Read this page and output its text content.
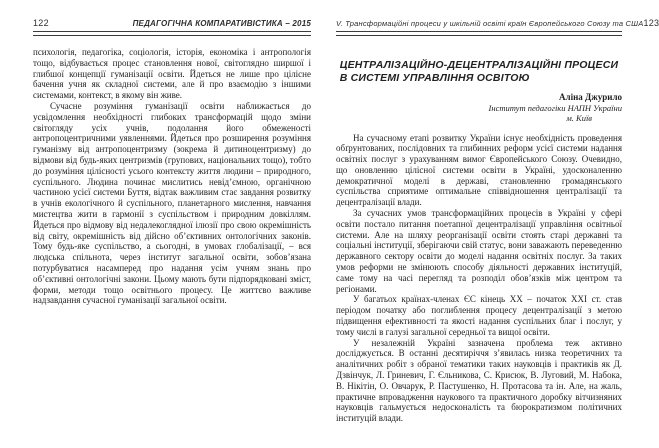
122	ПЕДАГОГІЧНА КОМПАРАТИВІСТИКА – 2015

психологія, педагогіка, соціологія, історія, економіка і антропологія тощо, відбувається процес становлення нової, світоглядно ширшої і глибшої концепції гуманізації освіти. Йдеться не лише про цілісне бачення учня як складної системи, але й про взаємодію з іншими системами, контекст, в якому він живе.

Сучасне розуміння гуманізації освіти наближається до усвідомлення необхідності глибоких трансформацій щодо зміни світогляду усіх учнів, подолання його обмеженості антропоцентричними уявленнями. Йдеться про розширення розуміння гуманізму від антропоцентризму (зокрема й дитиноцентризму) до відмови від будь-яких центризмів (групових, національних тощо), тобто до розуміння цілісності усього контексту життя людини – природного, суспільного. Людина починає мислитись невід’ємною, органічною частиною усієї системи Буття, відтак важливим стає завдання розвитку в учнів екологічного й суспільного, планетарного мислення, навчання мистецтва жити в гармонії з суспільством і природним довкіллям. Йдеться про відмову від недалекоглядної ілюзії про свою окремішність від світу, окремішність від дійсно об’єктивних онтологічних законів. Тому будь-яке суспільство, а сьогодні, в умовах глобалізації, – вся людська спільнота, через інститут загальної освіти, зобов’язана потурбуватися насамперед про надання усім учням знань про об’єктивні онтологічні закони. Цьому мають бути підпорядковані зміст, форми, методи тощо освітнього процесу. Це життєво важливе надзавдання сучасної гуманізації загальної освіти.

V. Трансформаційні процеси у шкільній освіті країн Європейського Союзу та США 123
ЦЕНТРАЛІЗАЦІЙНО-ДЕЦЕНТРАЛІЗАЦІЙНІ ПРОЦЕСИ
В СИСТЕМІ УПРАВЛІННЯ ОСВІТОЮ
Аліна Джурило
Інститут педагогіки НАПН України
м. Київ

На сучасному етапі розвитку України існує необхідність проведення обґрунтованих, послідовних та глибинних реформ усієї системи надання освітніх послуг з урахуванням вимог Європейського Союзу. Очевидно, що оновленню цілісної системи освіти в Україні, удосконаленню демократичної моделі в державі, становленню громадянського суспільства сприятиме оптимальне співвідношення централізації та децентралізації влади.

За сучасних умов трансформаційних процесів в Україні у сфері освіти постало питання поетапної децентралізації управління освітньої системи. Але на шляху реорганізації освіти стоять старі державні та соціальні інституції, зберігаючи свій статус, вони заважають переведенню державного сектору освіти до моделі надання освітніх послуг. За таких умов реформи не змінюють способу діяльності державних інституцій, саме тому на часі перегляд та розподіл обов’язків між центром та регіонами.

У багатьох країнах-членах ЄС кінець XX – початок XXI ст. став періодом початку або поглиблення процесу децентралізації з метою підвищення ефективності та якості надання суспільних благ і послуг, у тому числі в галузі загальної середньої та вищої освіти.

У незалежній Україні зазначена проблема теж активно досліджується. В останні десятиріччя з’явилась низка теоретичних та аналітичних робіт з обраної тематики таких науковців і практиків як Д. Дзвінчук, Л. Гриневич, Г. Єльникова, С. Крисюк, В. Луговий, М. Набока, В. Нікітін, О. Овчарук, Р. Пастушенко, Н. Протасова та ін. Але, на жаль, практичне впровадження наукового та практичного доробку вітчизняних науковців гальмується недосконалість та бюрократизмом політичних інституцій влади.
